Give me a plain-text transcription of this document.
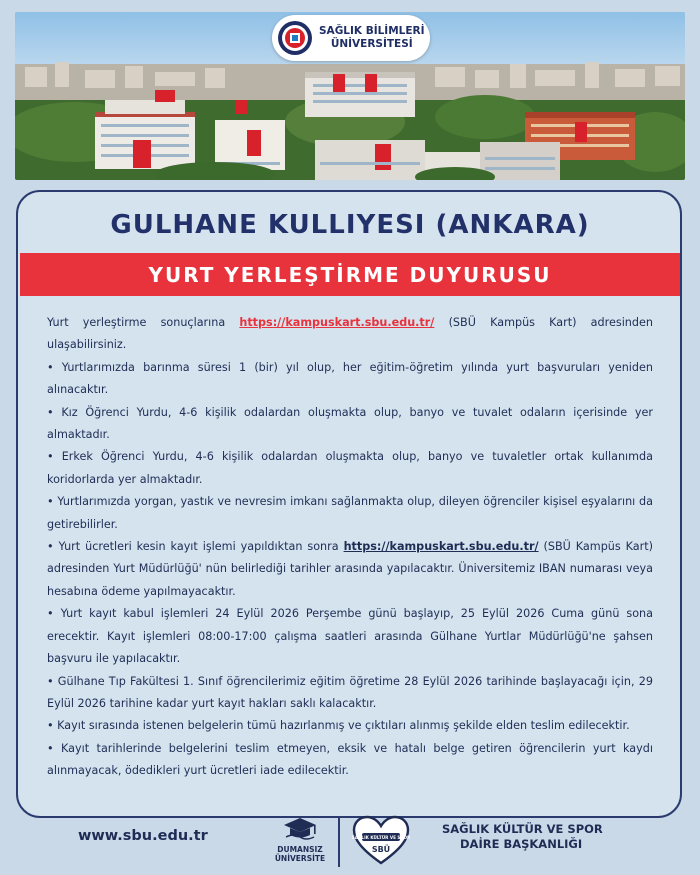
SAĞLIK BİLİMLERİ
ÜNİVERSİTESİ
GULHANE KULLIYESI (ANKARA)
YURT YERLEŞTİRME DUYURUSU

Yurt yerleştirme sonuçlarına https://kampuskart.sbu.edu.tr/ (SBÜ Kampüs Kart) adresinden ulaşabilirsiniz.

• Yurtlarımızda barınma süresi 1 (bir) yıl olup, her eğitim-öğretim yılında yurt başvuruları yeniden alınacaktır.

• Kız Öğrenci Yurdu, 4-6 kişilik odalardan oluşmakta olup, banyo ve tuvalet odaların içerisinde yer almaktadır.

• Erkek Öğrenci Yurdu, 4-6 kişilik odalardan oluşmakta olup, banyo ve tuvaletler ortak kullanımda koridorlarda yer almaktadır.

• Yurtlarımızda yorgan, yastık ve nevresim imkanı sağlanmakta olup, dileyen öğrenciler kişisel eşyalarını da getirebilirler.

• Yurt ücretleri kesin kayıt işlemi yapıldıktan sonra https://kampuskart.sbu.edu.tr/ (SBÜ Kampüs Kart) adresinden Yurt Müdürlüğü' nün belirlediği tarihler arasında yapılacaktır. Üniversitemiz IBAN numarası veya hesabına ödeme yapılmayacaktır.

• Yurt kayıt kabul işlemleri 24 Eylül 2026 Perşembe günü başlayıp, 25 Eylül 2026 Cuma günü sona erecektir. Kayıt işlemleri 08:00-17:00 çalışma saatleri arasında Gülhane Yurtlar Müdürlüğü'ne şahsen başvuru ile yapılacaktır.

• Gülhane Tıp Fakültesi 1. Sınıf öğrencilerimiz eğitim öğretime 28 Eylül 2026 tarihinde başlayacağı için, 29 Eylül 2026 tarihine kadar yurt kayıt hakları saklı kalacaktır.

• Kayıt sırasında istenen belgelerin tümü hazırlanmış ve çıktıları alınmış şekilde elden teslim edilecektir.

• Kayıt tarihlerinde belgelerini teslim etmeyen, eksik ve hatalı belge getiren öğrencilerin yurt kaydı alınmayacak, ödedikleri yurt ücretleri iade edilecektir.

www.sbu.edu.tr
DUMANSIZ
ÜNİVERSİTE
SAĞLIK KÜLTÜR VE SPOR
SBÜ
SAĞLIK KÜLTÜR VE SPOR
DAİRE BAŞKANLIĞI
